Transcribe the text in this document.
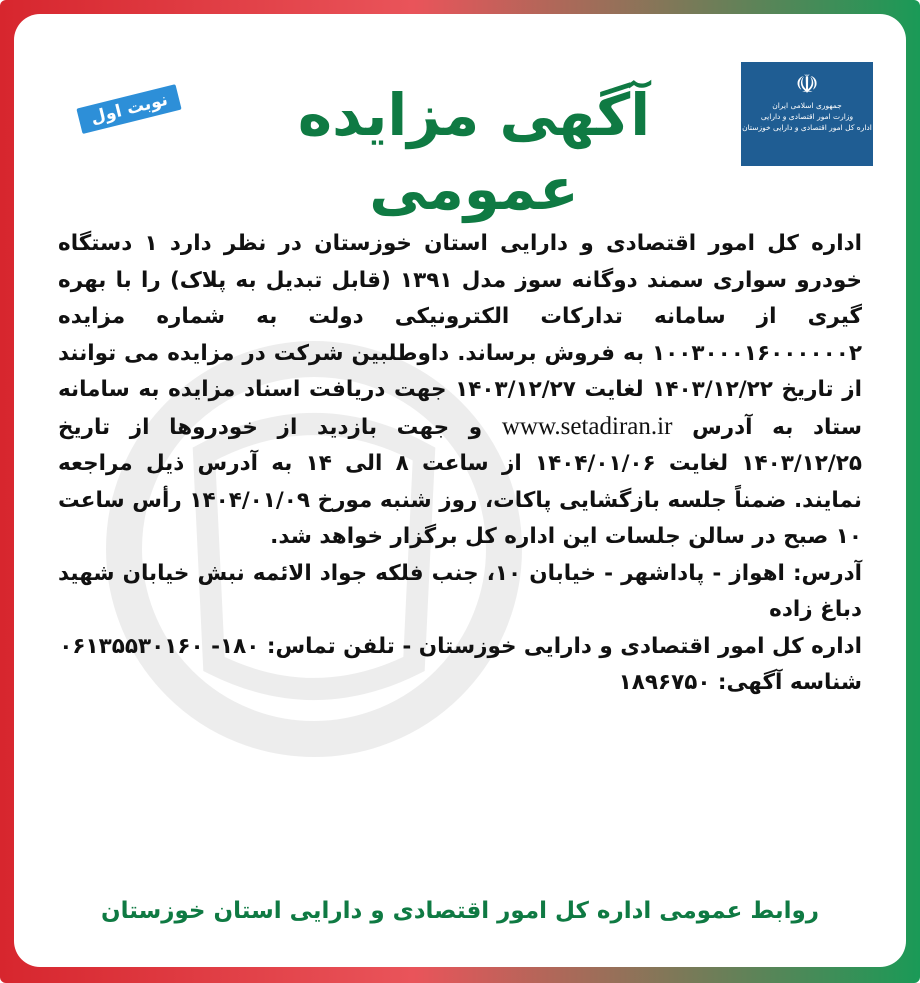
☫
جمهوری اسلامی ایران
وزارت امور اقتصادی و دارایی
اداره کل امور اقتصادی و دارایی خوزستان
آگهی مزایده عمومی
نوبت اول

اداره کل امور اقتصادی و دارایی استان خوزستان در نظر دارد ۱ دستگاه خودرو سواری سمند دوگانه سوز مدل ۱۳۹۱ (قابل تبدیل به پلاک) را با بهره گیری از سامانه تدارکات الکترونیکی دولت به شماره مزایده ۱۰۰۳۰۰۰۱۶۰۰۰۰۰۰۲ به فروش برساند. داوطلبین شرکت در مزایده می توانند از تاریخ ۱۴۰۳/۱۲/۲۲ لغایت ۱۴۰۳/۱۲/۲۷ جهت دریافت اسناد مزایده به سامانه ستاد به آدرس www.setadiran.ir و جهت بازدید از خودروها از تاریخ ۱۴۰۳/۱۲/۲۵ لغایت ۱۴۰۴/۰۱/۰۶ از ساعت ۸ الی ۱۴ به آدرس ذیل مراجعه نمایند. ضمناً جلسه بازگشایی پاکات، روز شنبه مورخ ۱۴۰۴/۰۱/۰۹ رأس ساعت ۱۰ صبح در سالن جلسات این اداره کل برگزار خواهد شد.

آدرس: اهواز - پاداشهر - خیابان ۱۰، جنب فلکه جواد الائمه نبش خیابان شهید دباغ زاده

اداره کل امور اقتصادی و دارایی خوزستان - تلفن تماس: ۱۸۰- ۰۶۱۳۵۵۳۰۱۶۰

شناسه آگهی: ۱۸۹۶۷۵۰

روابط عمومی اداره کل امور اقتصادی و دارایی استان خوزستان
